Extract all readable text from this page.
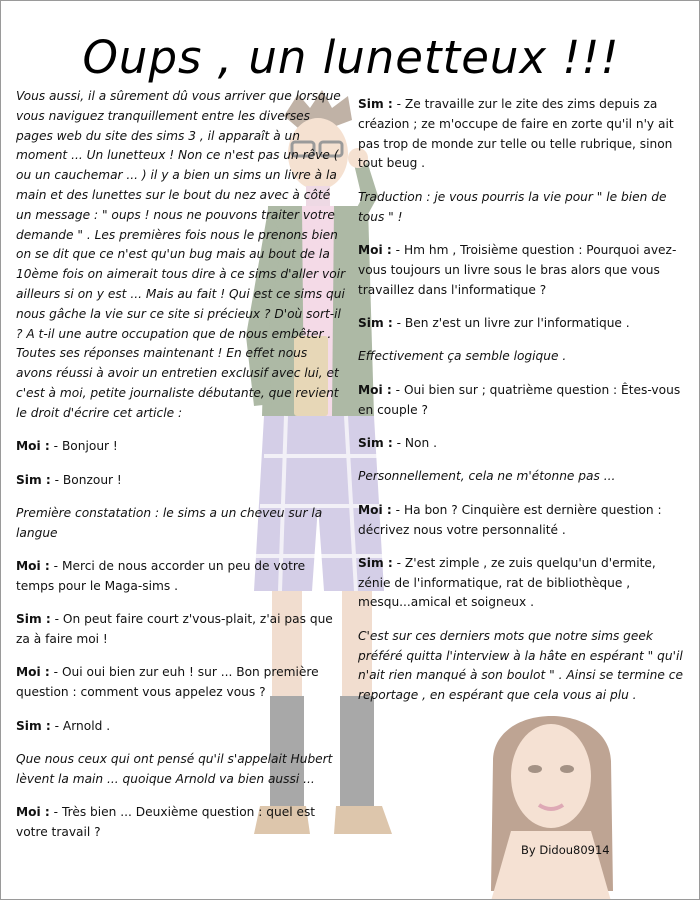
Oups , un lunetteux !!!

Vous aussi, il a sûrement dû vous arriver que lorsque vous naviguez tranquillement entre les diverses pages web du site des sims 3 , il apparaît à un moment ... Un lunetteux ! Non ce n'est pas un rêve ( ou un cauchemar ... ) il y a bien un sims un livre à la main et des lunettes sur le bout du nez avec à côté un message : " oups ! nous ne pouvons traiter votre demande " . Les premières fois nous le prenons bien on se dit que ce n'est qu'un bug mais au bout de la 10ème fois on aimerait tous dire à ce sims d'aller voir ailleurs si on y est ... Mais au fait ! Qui est ce sims qui nous gâche la vie sur ce site si précieux ? D'où sort-il ? A t-il une autre occupation que de nous embêter . Toutes ses réponses maintenant ! En effet nous avons réussi à avoir un entretien exclusif avec lui, et c'est à moi, petite journaliste débutante, que revient le droit d'écrire cet article :

Moi : - Bonjour !

Sim : - Bonzour !

Première constatation : le sims a un cheveu sur la langue

Moi : - Merci de nous accorder un peu de votre temps pour le Maga-sims .

Sim : - On peut faire court z'vous-plait, z'ai pas que za à faire moi !

Moi : - Oui oui bien zur euh ! sur ... Bon première question : comment vous appelez vous ?

Sim : - Arnold .

Que nous ceux qui ont pensé qu'il s'appelait Hubert lèvent la main ... quoique Arnold va bien aussi ...

Moi : - Très bien ... Deuxième question : quel est votre travail ?

Sim : - Ze travaille zur le zite des zims depuis za créazion ; ze m'occupe de faire en zorte qu'il n'y ait pas trop de monde zur telle ou telle rubrique, sinon tout beug .

Traduction : je vous pourris la vie pour " le bien de tous " !

Moi : - Hm hm , Troisième question : Pourquoi avez-vous toujours un livre sous le bras alors que vous travaillez dans l'informatique ?

Sim : - Ben z'est un livre zur l'informatique .

Effectivement ça semble logique .

Moi : - Oui bien sur ; quatrième question : Êtes-vous en couple ?

Sim : - Non .

Personnellement, cela ne m'étonne pas ...

Moi : - Ha bon ? Cinquière est dernière question : décrivez nous votre personnalité .

Sim : - Z'est zimple , ze zuis quelqu'un d'ermite, zénie de l'informatique, rat de bibliothèque , mesqu...amical et soigneux .

C'est sur ces derniers mots que notre sims geek préféré quitta l'interview à la hâte en espérant " qu'il n'ait rien manqué à son boulot " . Ainsi se termine ce reportage , en espérant que cela vous ai plu .

By Didou80914
